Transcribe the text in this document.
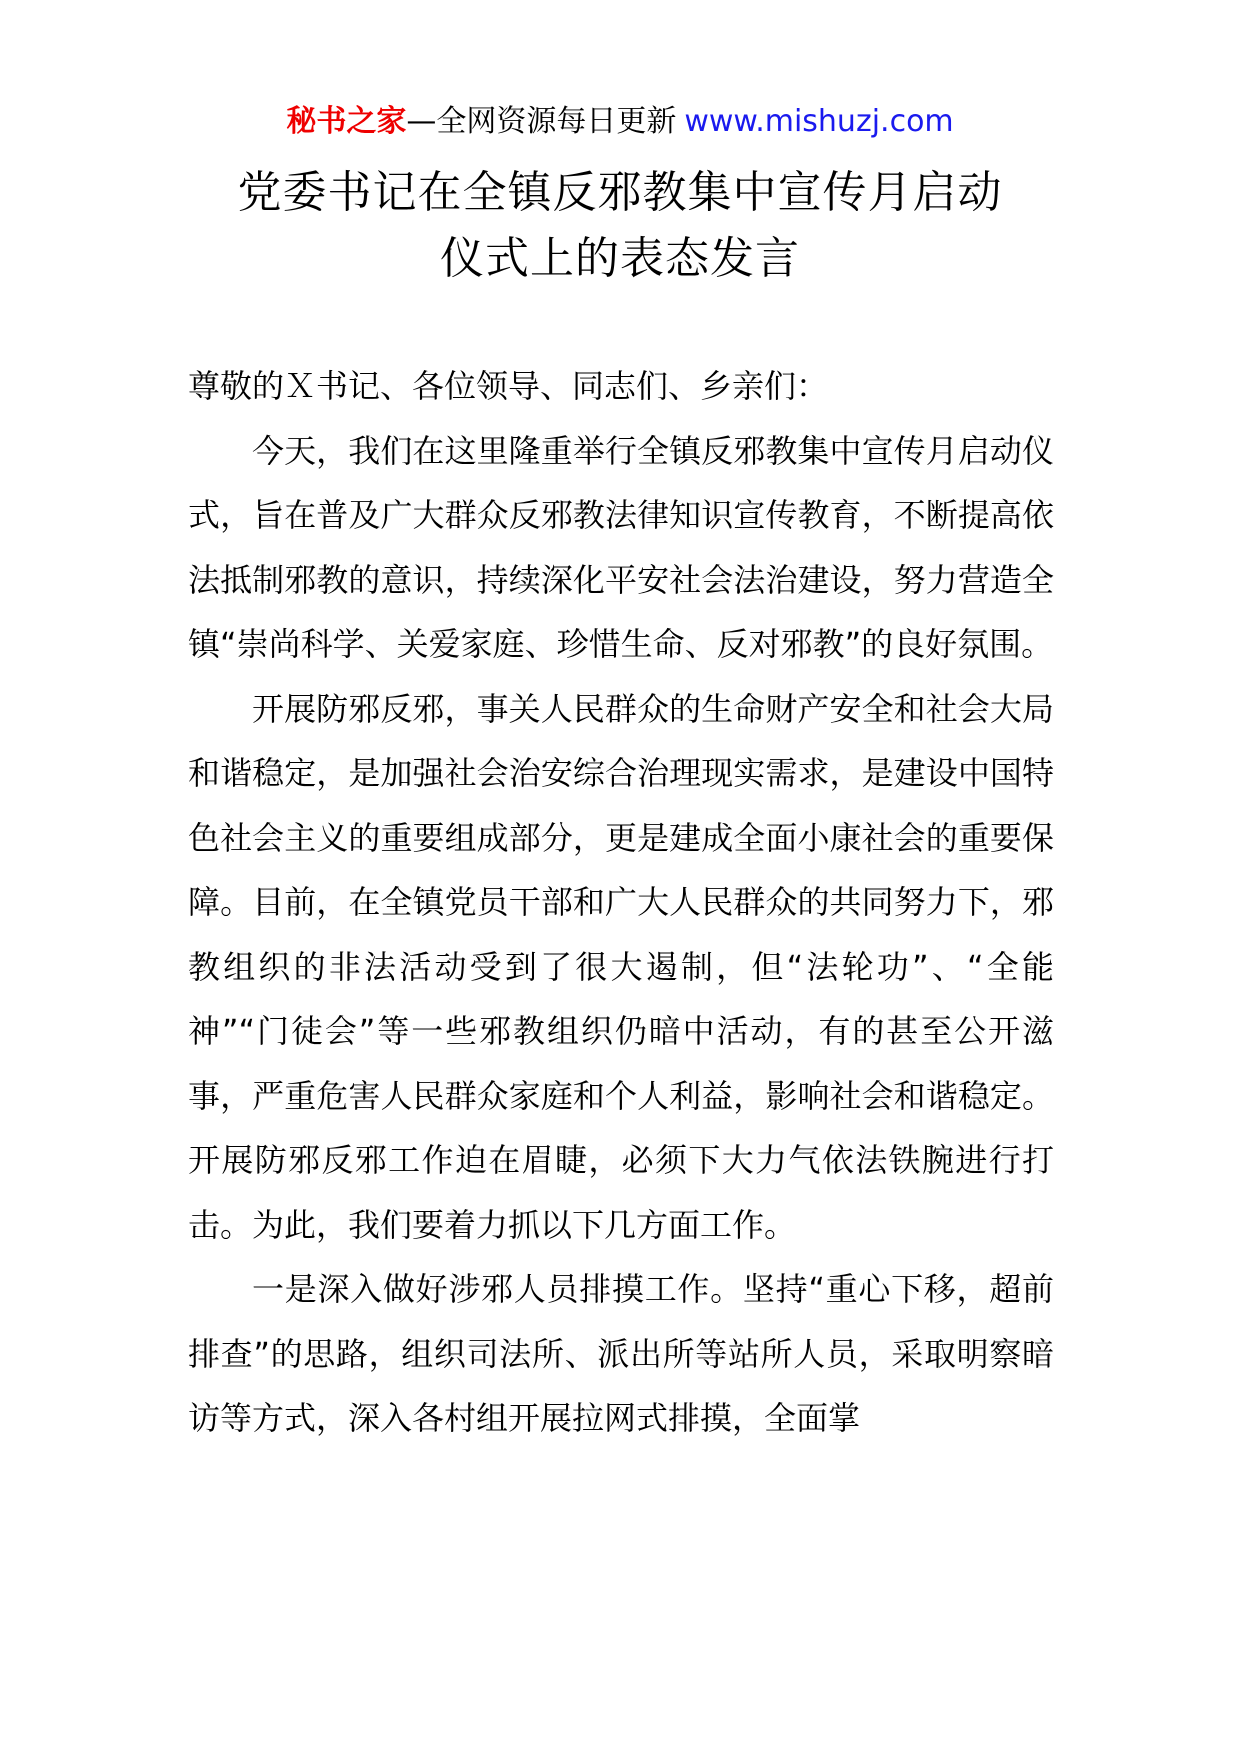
秘书之家—全网资源每日更新 www.mishuzj.com
党委书记在全镇反邪教集中宣传月启动
仪式上的表态发言

尊敬的Ｘ书记、各位领导、同志们、乡亲们：

今天，我们在这里隆重举行全镇反邪教集中宣传月启动仪式，旨在普及广大群众反邪教法律知识宣传教育，不断提高依法抵制邪教的意识，持续深化平安社会法治建设，努力营造全镇“崇尚科学、关爱家庭、珍惜生命、反对邪教”的良好氛围。

开展防邪反邪，事关人民群众的生命财产安全和社会大局和谐稳定，是加强社会治安综合治理现实需求，是建设中国特色社会主义的重要组成部分，更是建成全面小康社会的重要保障。目前，在全镇党员干部和广大人民群众的共同努力下，邪教组织的非法活动受到了很大遏制，但“法轮功”、“全能神”“门徒会”等一些邪教组织仍暗中活动，有的甚至公开滋事，严重危害人民群众家庭和个人利益，影响社会和谐稳定。开展防邪反邪工作迫在眉睫，必须下大力气依法铁腕进行打击。为此，我们要着力抓以下几方面工作。

一是深入做好涉邪人员排摸工作。坚持“重心下移，超前排查”的思路，组织司法所、派出所等站所人员，采取明察暗访等方式，深入各村组开展拉网式排摸，全面掌
